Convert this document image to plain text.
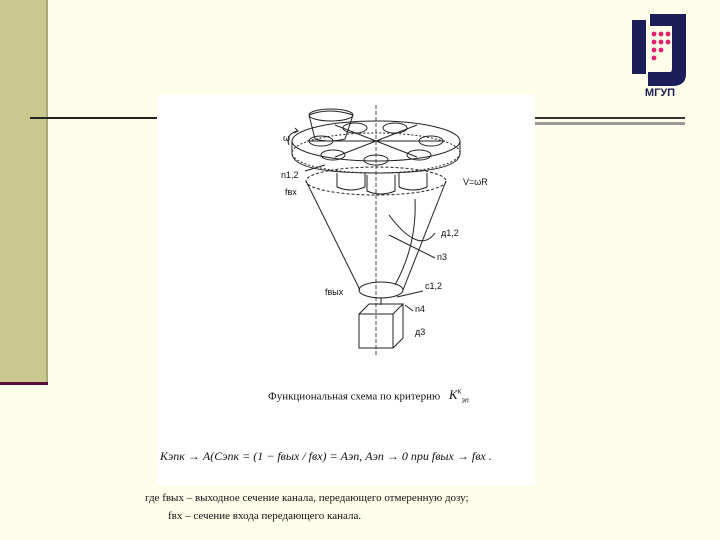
МГУП
ω
n1,2
fвх
V=ωR
д1,2
n3
fвых
c1,2
n4
д3
Функциональная схема по критерию $K^к_{эп}$
Kэпк → A(Cэпк = (1 − fвых / fвх) = Aэп, Aэп → 0 при fвых → fвх .
где fвых – выходное сечение канала, передающего отмеренную дозу;
fвх – сечение входа передающего канала.
